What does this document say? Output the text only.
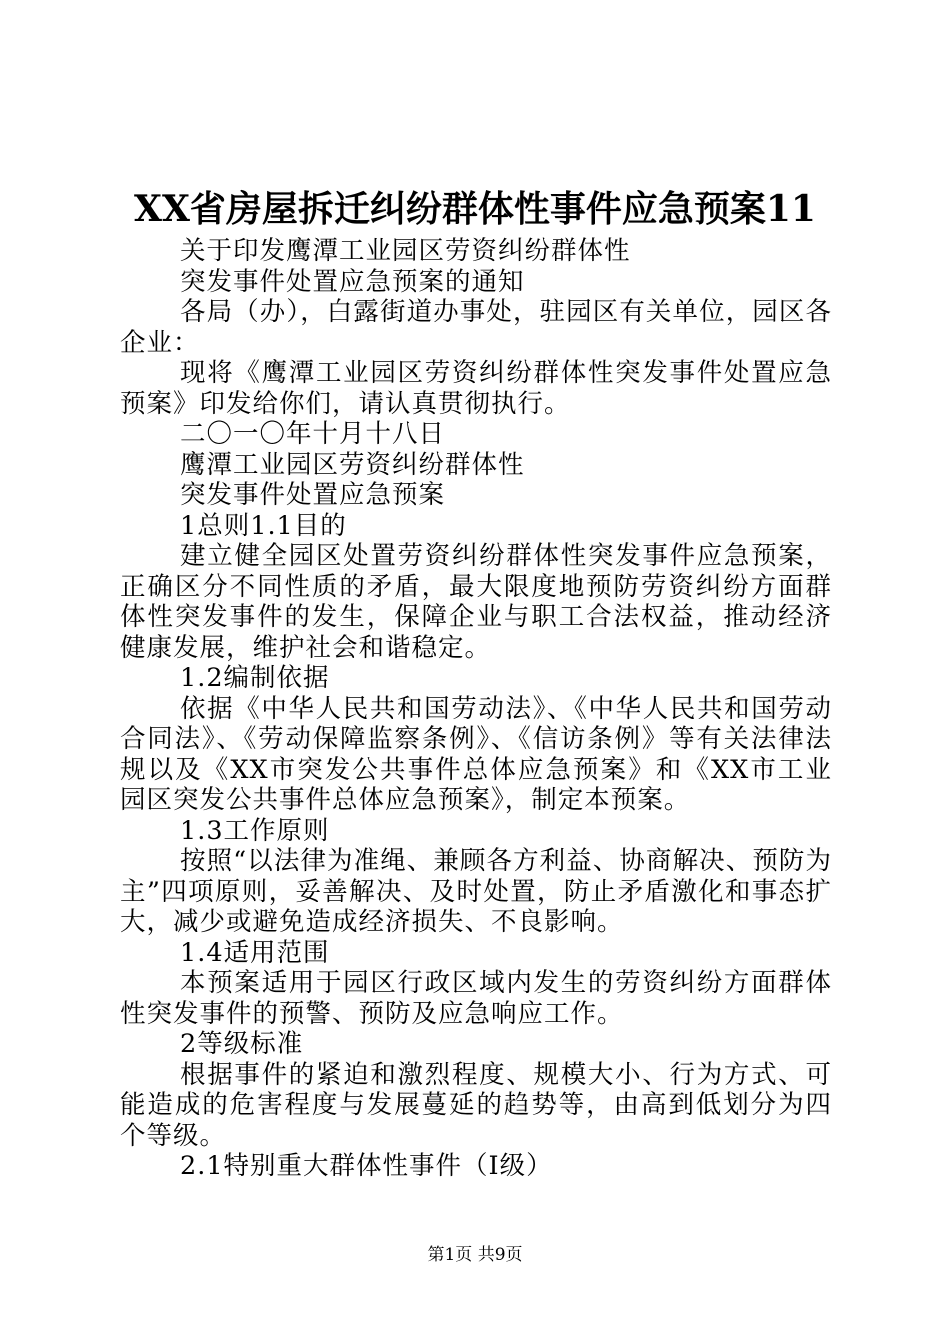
XX省房屋拆迁纠纷群体性事件应急预案11

关于印发鹰潭工业园区劳资纠纷群体性

突发事件处置应急预案的通知

各局（办），白露街道办事处，驻园区有关单位，园区各企业：

现将《鹰潭工业园区劳资纠纷群体性突发事件处置应急预案》印发给你们，请认真贯彻执行。

二〇一〇年十月十八日

鹰潭工业园区劳资纠纷群体性

突发事件处置应急预案

1总则1.1目的

建立健全园区处置劳资纠纷群体性突发事件应急预案，正确区分不同性质的矛盾，最大限度地预防劳资纠纷方面群体性突发事件的发生，保障企业与职工合法权益，推动经济健康发展，维护社会和谐稳定。

1.2编制依据

依据《中华人民共和国劳动法》、《中华人民共和国劳动合同法》、《劳动保障监察条例》、《信访条例》等有关法律法规以及《XX市突发公共事件总体应急预案》和《XX市工业园区突发公共事件总体应急预案》，制定本预案。

1.3工作原则

按照“以法律为准绳、兼顾各方利益、协商解决、预防为主”四项原则，妥善解决、及时处置，防止矛盾激化和事态扩大，减少或避免造成经济损失、不良影响。

1.4适用范围

本预案适用于园区行政区域内发生的劳资纠纷方面群体性突发事件的预警、预防及应急响应工作。

2等级标准

根据事件的紧迫和激烈程度、规模大小、行为方式、可能造成的危害程度与发展蔓延的趋势等，由高到低划分为四个等级。

2.1特别重大群体性事件（Ⅰ级）

第1页 共9页
